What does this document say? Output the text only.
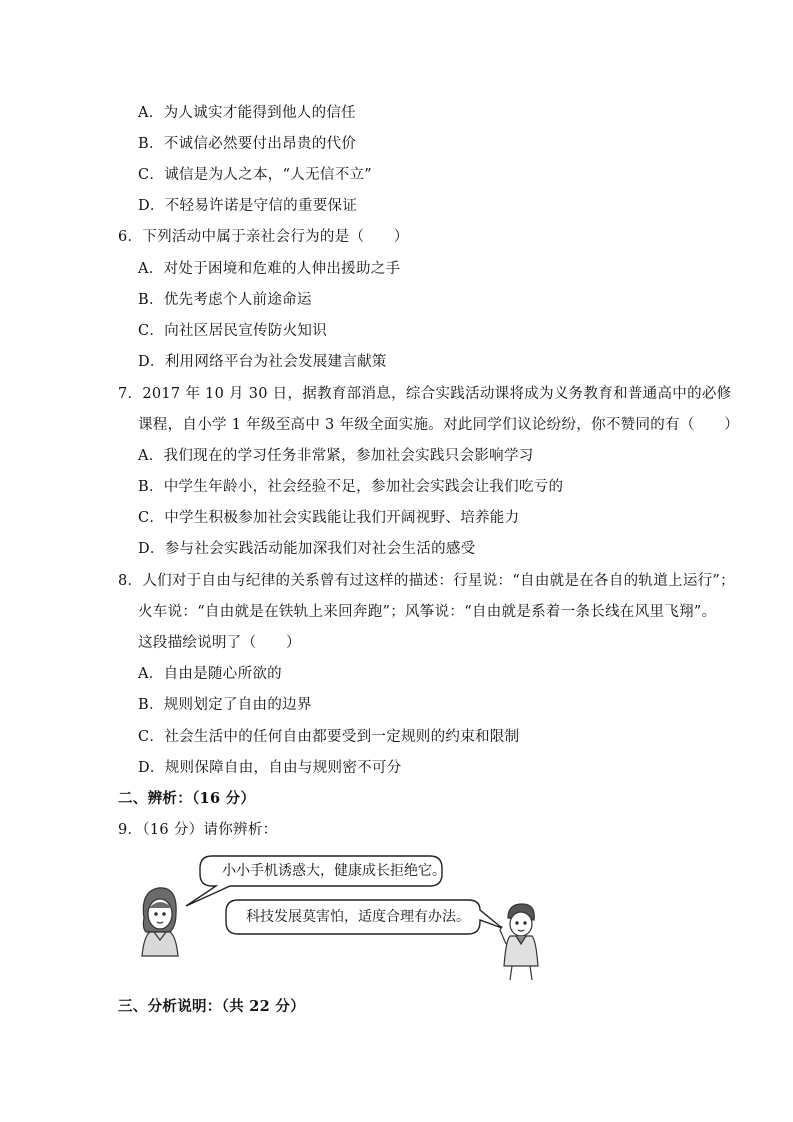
A．为人诚实才能得到他人的信任
B．不诚信必然要付出昂贵的代价
C．诚信是为人之本，“人无信不立”
D．不轻易许诺是守信的重要保证
6．下列活动中属于亲社会行为的是（　　）
A．对处于困境和危难的人伸出援助之手
B．优先考虑个人前途命运
C．向社区居民宣传防火知识
D．利用网络平台为社会发展建言献策
7．2017 年 10 月 30 日，据教育部消息，综合实践活动课将成为义务教育和普通高中的必修
课程，自小学 1 年级至高中 3 年级全面实施。对此同学们议论纷纷，你不赞同的有（　　）
A．我们现在的学习任务非常紧，参加社会实践只会影响学习
B．中学生年龄小，社会经验不足，参加社会实践会让我们吃亏的
C．中学生积极参加社会实践能让我们开阔视野、培养能力
D．参与社会实践活动能加深我们对社会生活的感受
8．人们对于自由与纪律的关系曾有过这样的描述：行星说：“自由就是在各自的轨道上运行”；
火车说：“自由就是在铁轨上来回奔跑”；风筝说：“自由就是系着一条长线在风里飞翔”。
这段描绘说明了（　　）
A．自由是随心所欲的
B．规则划定了自由的边界
C．社会生活中的任何自由都要受到一定规则的约束和限制
D．规则保障自由，自由与规则密不可分
二、辨析：（16 分）
9．（16 分）请你辨析：
小小手机诱惑大，健康成长拒绝它。
科技发展莫害怕，适度合理有办法。
三、分析说明：（共 22 分）
